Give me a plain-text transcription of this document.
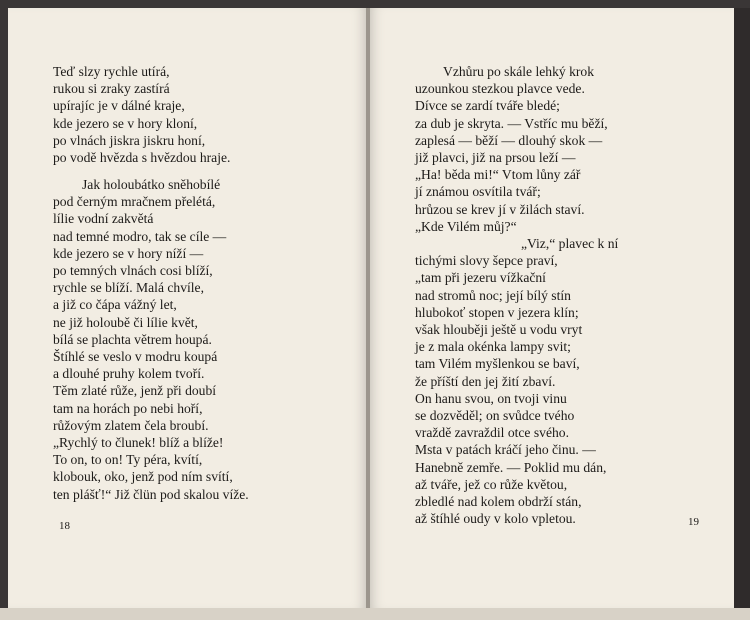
Teď slzy rychle utírá,
rukou si zraky zastírá
upírajíc je v dálné kraje,
kde jezero se v hory kloní,
po vlnách jiskra jiskru honí,
po vodě hvězda s hvězdou hraje.
Jak holoubátko sněhobílé
pod černým mračnem přelétá,
lílie vodní zakvětá
nad temné modro, tak se cíle —
kde jezero se v hory níží —
po temných vlnách cosi blíží,
rychle se blíží. Malá chvíle,
a již co čápa vážný let,
ne již holoubě či lílie květ,
bílá se plachta větrem houpá.
Štíhlé se veslo v modru koupá
a dlouhé pruhy kolem tvoří.
Těm zlaté růže, jenž při doubí
tam na horách po nebi hoří,
růžovým zlatem čela broubí.
„Rychlý to člunek! blíž a blíže!
To on, to on! Ty péra, kvítí,
klobouk, oko, jenž pod ním svítí,
ten plášť!“ Již člün pod skalou víže.
18
Vzhůru po skále lehký krok
uzounkou stezkou plavce vede.
Dívce se zardí tváře bledé;
za dub je skryta. — Vstříc mu běží,
zaplesá — běží — dlouhý skok —
již plavci, již na prsou leží —
„Ha! běda mi!“ Vtom lůny zář
jí známou osvítila tvář;
hrůzou se krev jí v žilách staví.
„Kde Vilém můj?“
„Viz,“ plavec k ní
tichými slovy šepce praví,
„tam při jezeru vížkační
nad stromů noc; její bílý stín
hlubokoť stopen v jezera klín;
však hlouběji ještě u vodu vryt
je z mala okénka lampy svit;
tam Vilém myšlenkou se baví,
že příští den jej žití zbaví.
On hanu svou, on tvoji vinu
se dozvěděl; on svůdce tvého
vraždě zavraždil otce svého.
Msta v patách kráčí jeho činu. —
Hanebně zemře. — Poklid mu dán,
až tváře, jež co růže květou,
zbledlé nad kolem obdrží stán,
až štíhlé oudy v kolo vpletou.	19
